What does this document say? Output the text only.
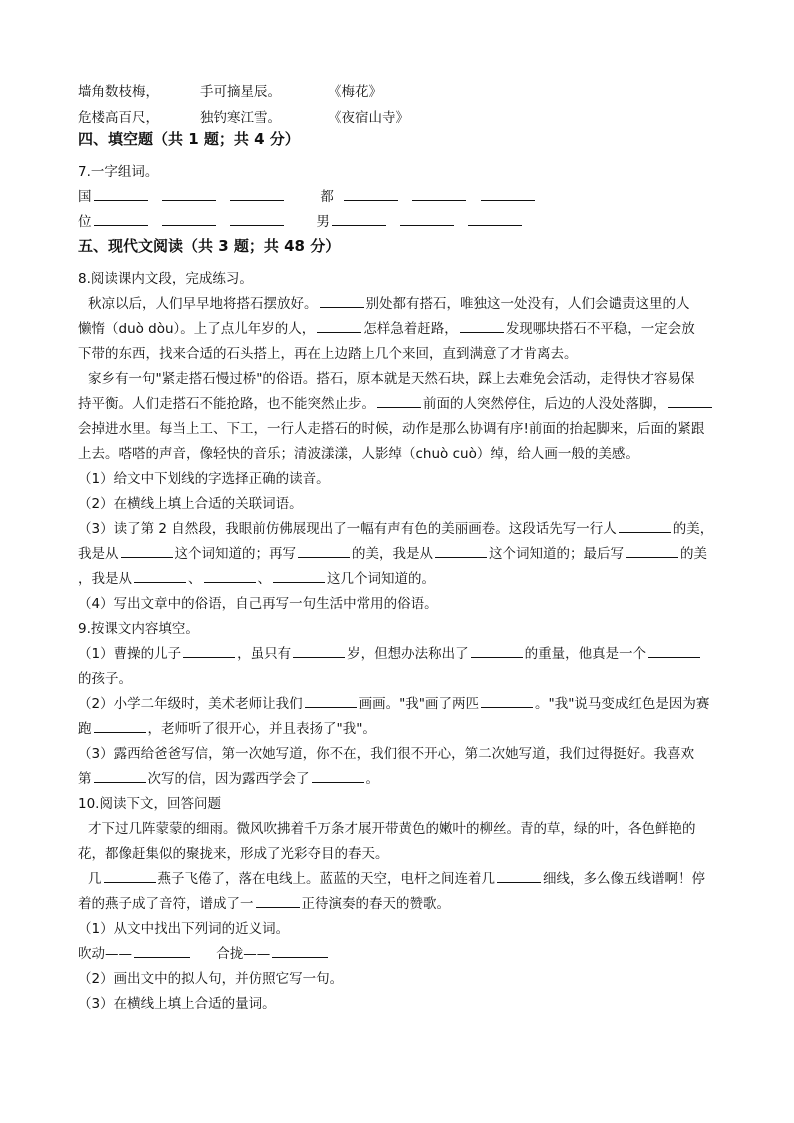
墙角数枝梅，	手可摘星辰。	《梅花》
危楼高百尺，	独钓寒江雪。	《夜宿山寺》
四、填空题（共 1 题；共 4 分）
7.一字组词。
国	都
位	男
五、现代文阅读（共 3 题；共 48 分）
8.阅读课内文段，完成练习。
秋凉以后，人们早早地将搭石摆放好。	别处都有搭石，唯独这一处没有，人们会谴责这里的人
懒惰（duò dòu）。上了点儿年岁的人，	怎样急着赶路，	发现哪块搭石不平稳，一定会放
下带的东西，找来合适的石头搭上，再在上边踏上几个来回，直到满意了才肯离去。
家乡有一句"紧走搭石慢过桥"的俗语。搭石，原本就是天然石块，踩上去难免会活动，走得快才容易保
持平衡。人们走搭石不能抢路，也不能突然止步。	前面的人突然停住，后边的人没处落脚，
会掉进水里。每当上工、下工，一行人走搭石的时候，动作是那么协调有序!前面的抬起脚来，后面的紧跟
上去。嗒嗒的声音，像轻快的音乐；清波漾漾，人影绰（chuò cuò）绰，给人画一般的美感。
（1）给文中下划线的字选择正确的读音。
（2）在横线上填上合适的关联词语。
（3）读了第 2 自然段，我眼前仿佛展现出了一幅有声有色的美丽画卷。这段话先写一行人	的美，
我是从	这个词知道的；再写	的美，我是从	这个词知道的；最后写	的美
，我是从	、	、	这几个词知道的。
（4）写出文章中的俗语，自己再写一句生活中常用的俗语。
9.按课文内容填空。
（1）曹操的儿子	，虽只有	岁，但想办法称出了	的重量，他真是一个
的孩子。
（2）小学二年级时，美术老师让我们	画画。"我"画了两匹	。"我"说马变成红色是因为赛
跑	，老师听了很开心，并且表扬了"我"。
（3）露西给爸爸写信，第一次她写道，你不在，我们很不开心，第二次她写道，我们过得挺好。我喜欢
第	次写的信，因为露西学会了	。
10.阅读下文，回答问题
才下过几阵蒙蒙的细雨。微风吹拂着千万条才展开带黄色的嫩叶的柳丝。青的草，绿的叶，各色鲜艳的
花，都像赶集似的聚拢来，形成了光彩夺目的春天。
几	燕子飞倦了，落在电线上。蓝蓝的天空，电杆之间连着几	细线，多么像五线谱啊！停
着的燕子成了音符，谱成了一	正待演奏的春天的赞歌。
（1）从文中找出下列词的近义词。
吹动——	合拢——
（2）画出文中的拟人句，并仿照它写一句。
（3）在横线上填上合适的量词。
